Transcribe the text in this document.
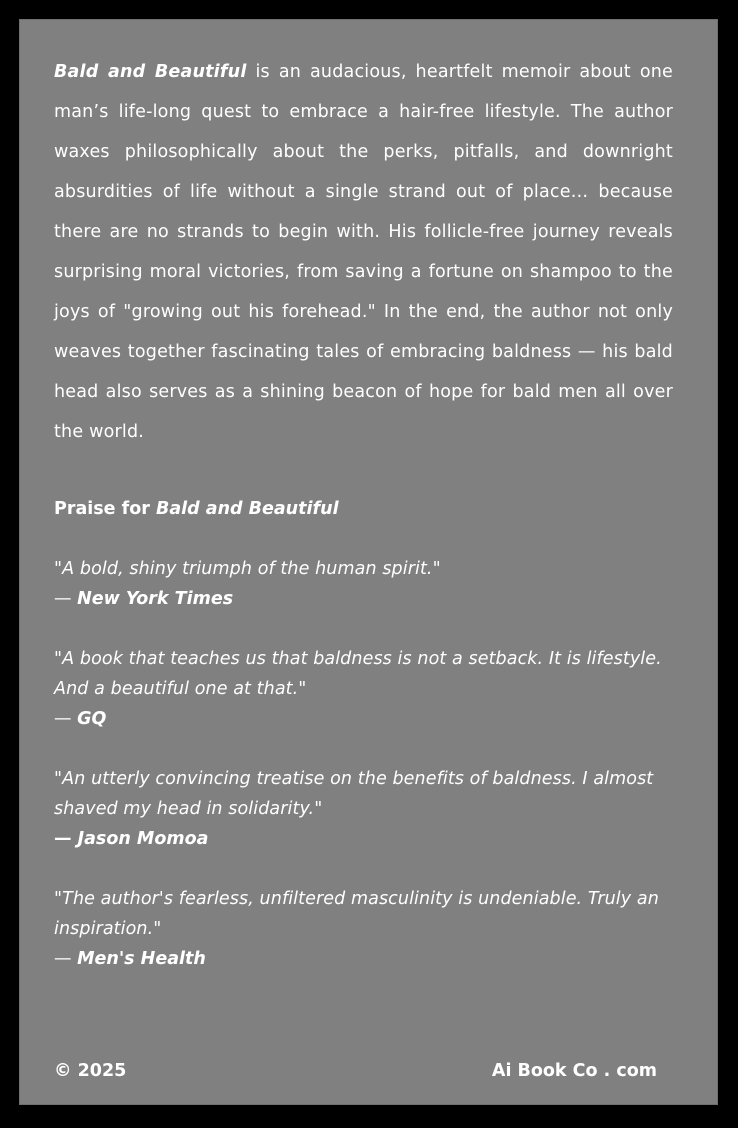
Bald and Beautiful is an audacious, heartfelt memoir about one man’s life-long quest to embrace a hair-free lifestyle. The author waxes philosophically about the perks, pitfalls, and downright absurdities of life without a single strand out of place… because there are no strands to begin with. His follicle-free journey reveals surprising moral victories, from saving a fortune on shampoo to the joys of "growing out his forehead." In the end, the author not only weaves together fascinating tales of embracing baldness — his bald head also serves as a shining beacon of hope for bald men all over the world.

Praise for Bald and Beautiful
"A bold, shiny triumph of the human spirit."
— New York Times
"A book that teaches us that baldness is not a setback. It is lifestyle. And a beautiful one at that."
— GQ
"An utterly convincing treatise on the benefits of baldness. I almost shaved my head in solidarity."
— Jason Momoa
"The author's fearless, unfiltered masculinity is undeniable. Truly an inspiration."
— Men's Health
© 2025	Ai Book Co . com
